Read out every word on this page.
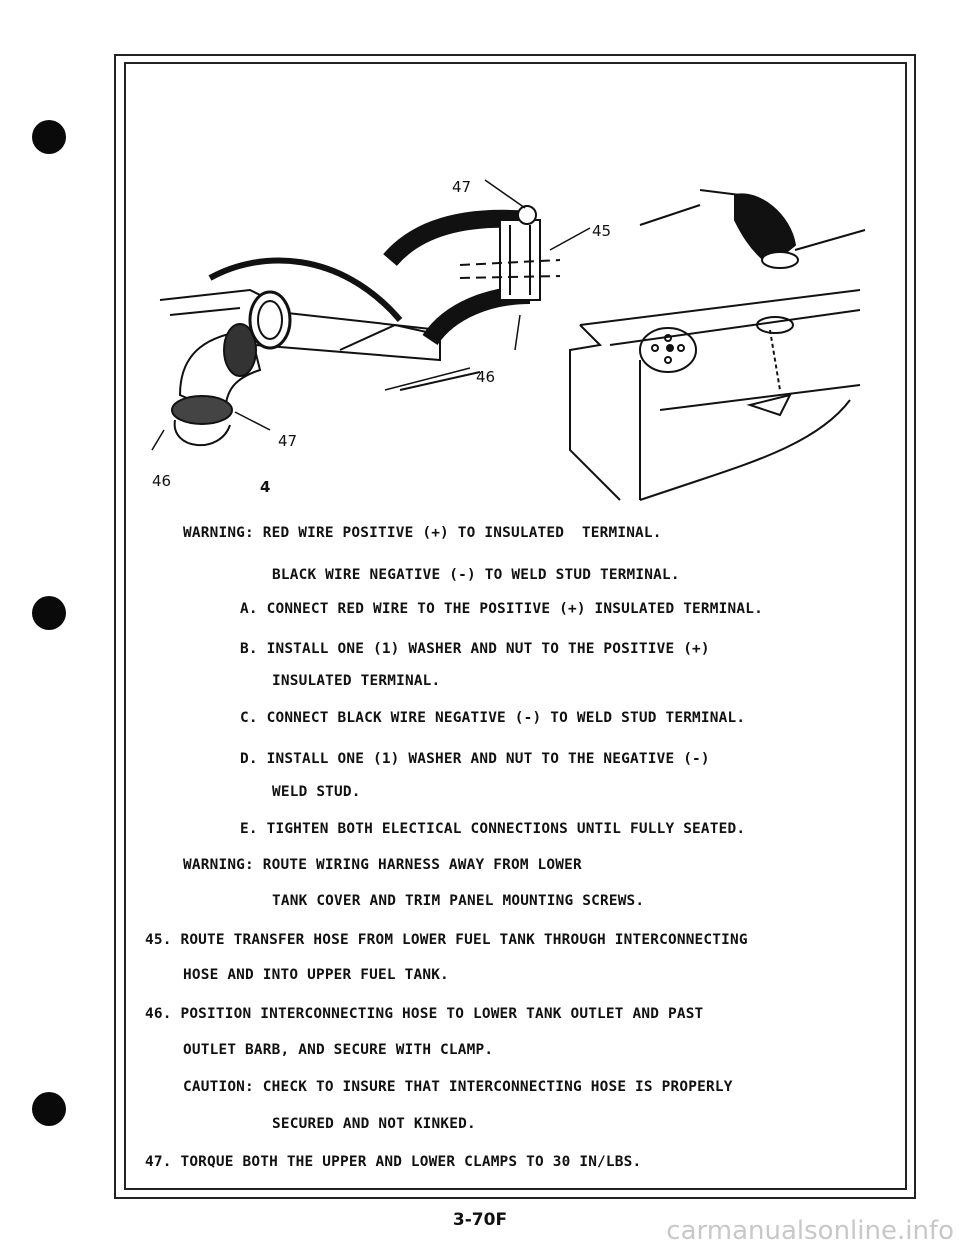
47
45
46
47
46	4
WARNING: RED WIRE POSITIVE (+) TO INSULATED  TERMINAL.
BLACK WIRE NEGATIVE (-) TO WELD STUD TERMINAL.
A. CONNECT RED WIRE TO THE POSITIVE (+) INSULATED TERMINAL.
B. INSTALL ONE (1) WASHER AND NUT TO THE POSITIVE (+)
INSULATED TERMINAL.
C. CONNECT BLACK WIRE NEGATIVE (-) TO WELD STUD TERMINAL.
D. INSTALL ONE (1) WASHER AND NUT TO THE NEGATIVE (-)
WELD STUD.
E. TIGHTEN BOTH ELECTICAL CONNECTIONS UNTIL FULLY SEATED.
WARNING: ROUTE WIRING HARNESS AWAY FROM LOWER
TANK COVER AND TRIM PANEL MOUNTING SCREWS.
45. ROUTE TRANSFER HOSE FROM LOWER FUEL TANK THROUGH INTERCONNECTING
HOSE AND INTO UPPER FUEL TANK.
46. POSITION INTERCONNECTING HOSE TO LOWER TANK OUTLET AND PAST
OUTLET BARB, AND SECURE WITH CLAMP.
CAUTION: CHECK TO INSURE THAT INTERCONNECTING HOSE IS PROPERLY
SECURED AND NOT KINKED.
47. TORQUE BOTH THE UPPER AND LOWER CLAMPS TO 30 IN/LBS.
3-70F	carmanualsonline.info
